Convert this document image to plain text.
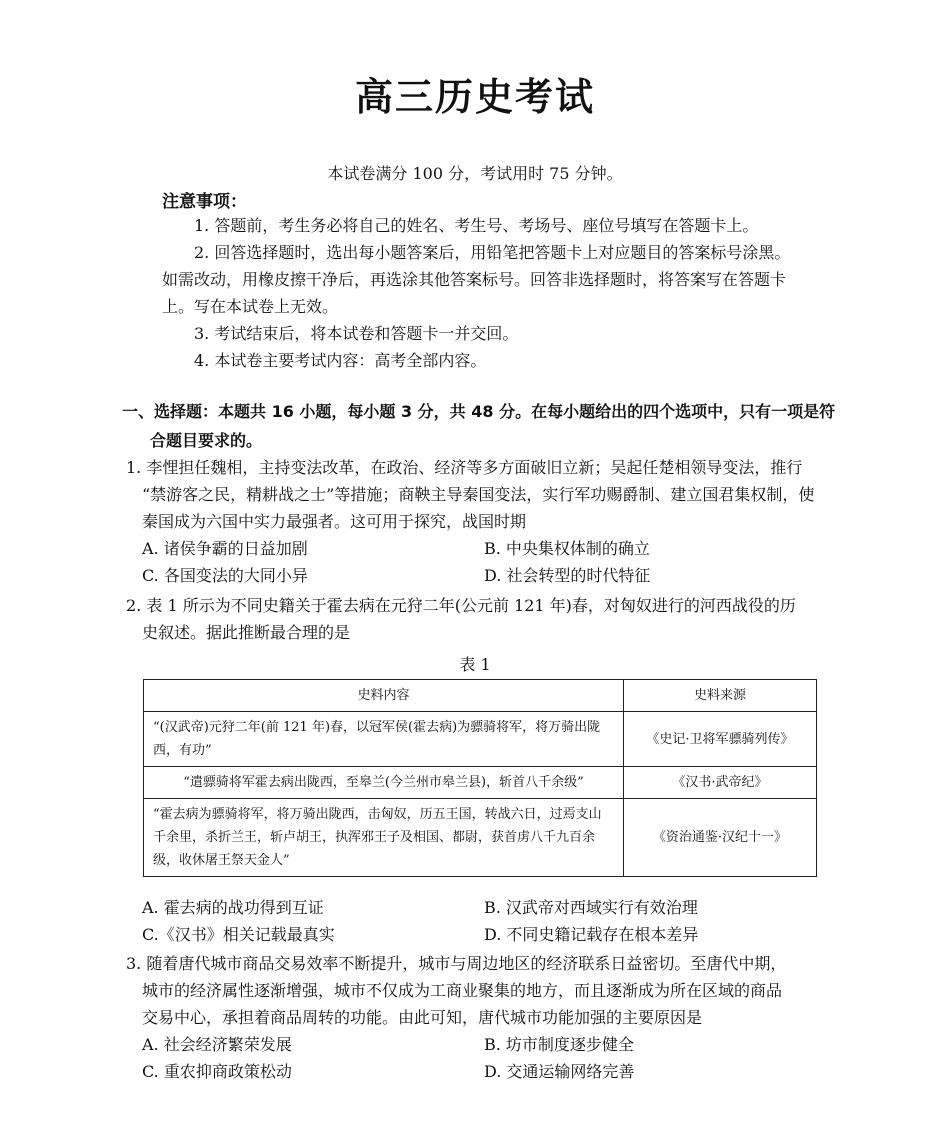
高三历史考试
本试卷满分 100 分，考试用时 75 分钟。
注意事项：

1. 答题前，考生务必将自己的姓名、考生号、考场号、座位号填写在答题卡上。

2. 回答选择题时，选出每小题答案后，用铅笔把答题卡上对应题目的答案标号涂黑。如需改动，用橡皮擦干净后，再选涂其他答案标号。回答非选择题时，将答案写在答题卡上。写在本试卷上无效。

3. 考试结束后，将本试卷和答题卡一并交回。

4. 本试卷主要考试内容：高考全部内容。

一、选择题：本题共 16 小题，每小题 3 分，共 48 分。在每小题给出的四个选项中，只有一项是符
合题目要求的。
1. 李悝担任魏相，主持变法改革，在政治、经济等多方面破旧立新；吴起任楚相领导变法，推行
“禁游客之民，精耕战之士”等措施；商鞅主导秦国变法，实行军功赐爵制、建立国君集权制，使
秦国成为六国中实力最强者。这可用于探究，战国时期
A. 诸侯争霸的日益加剧	B. 中央集权体制的确立
C. 各国变法的大同小异	D. 社会转型的时代特征
2. 表 1 所示为不同史籍关于霍去病在元狩二年(公元前 121 年)春，对匈奴进行的河西战役的历
史叙述。据此推断最合理的是
表 1
史料内容	史料来源
“(汉武帝)元狩二年(前 121 年)春，以冠军侯(霍去病)为骠骑将军，将万骑出陇西，有功”	《史记·卫将军骠骑列传》
“遣骠骑将军霍去病出陇西，至皋兰(今兰州市皋兰县)，斩首八千余级”	《汉书·武帝纪》
“霍去病为骠骑将军，将万骑出陇西，击匈奴，历五王国，转战六日，过焉支山千余里，杀折兰王，斩卢胡王，执浑邪王子及相国、都尉，获首虏八千九百余级，收休屠王祭天金人”	《资治通鉴·汉纪十一》
A. 霍去病的战功得到互证	B. 汉武帝对西域实行有效治理
C.《汉书》相关记载最真实	D. 不同史籍记载存在根本差异
3. 随着唐代城市商品交易效率不断提升，城市与周边地区的经济联系日益密切。至唐代中期，
城市的经济属性逐渐增强，城市不仅成为工商业聚集的地方，而且逐渐成为所在区域的商品
交易中心，承担着商品周转的功能。由此可知，唐代城市功能加强的主要原因是
A. 社会经济繁荣发展	B. 坊市制度逐步健全
C. 重农抑商政策松动	D. 交通运输网络完善
